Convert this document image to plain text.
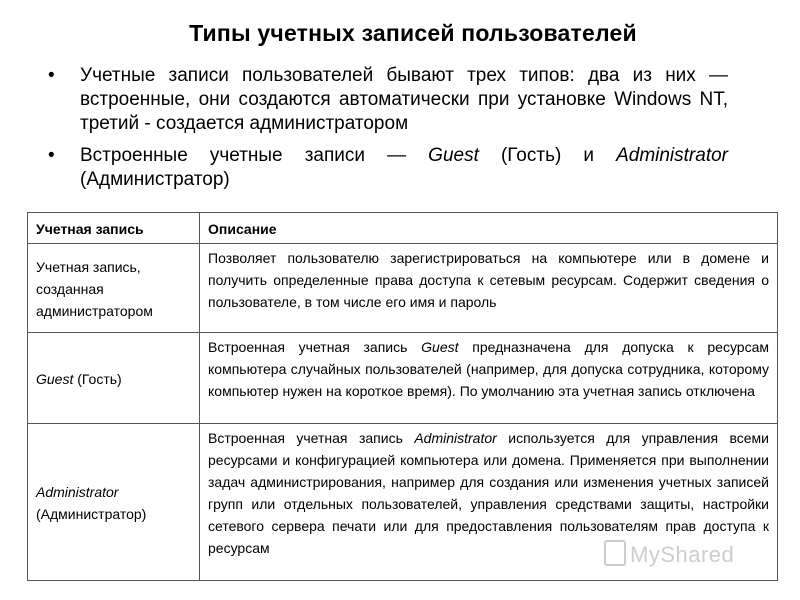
Типы учетных записей пользователей
• Учетные записи пользователей бывают трех типов: два из них — встроенные, они создаются автоматически при установке Windows NT, третий - создается администратором
• Встроенные учетные записи — Guest (Гость) и Administrator (Администратор)
Учетная запись	Описание
Учетная запись, созданная администратором	Позволяет пользователю зарегистрироваться на компьютере или в домене и получить определенные права доступа к сетевым ресурсам. Содержит сведения о пользователе, в том числе его имя и пароль
Guest (Гость)	Встроенная учетная запись Guest предназначена для допуска к ресурсам компьютера случайных пользователей (например, для допуска сотрудника, которому компьютер нужен на короткое время). По умолчанию эта учетная запись отключена
Administrator
(Администратор)	Встроенная учетная запись Administrator используется для управления всеми ресурсами и конфигурацией компьютера или домена. Применяется при выполнении задач администрирования, например для создания или изменения учетных записей групп или отдельных пользователей, управления средствами защиты, настройки сетевого сервера печати или для предоставления пользователям прав доступа к ресурсам	MyShared
